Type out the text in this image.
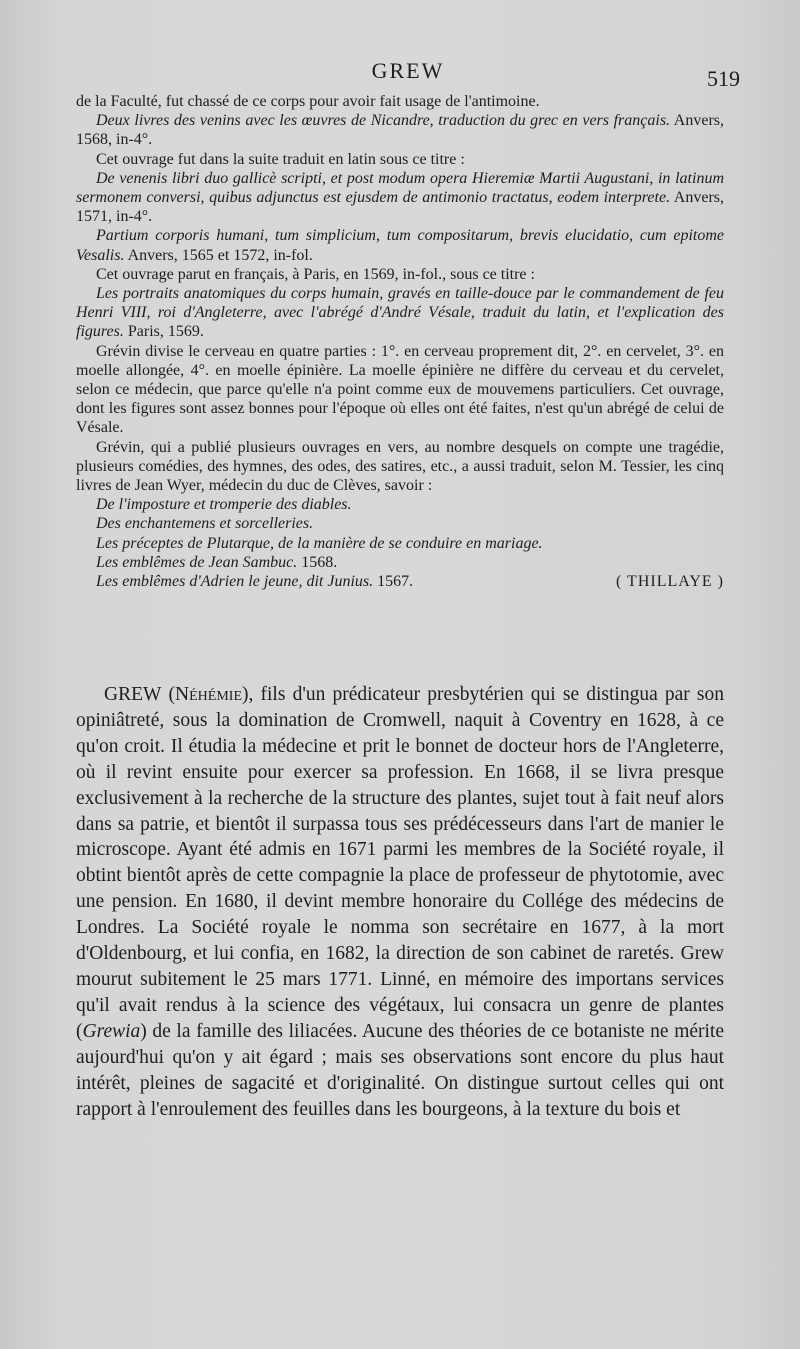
GREW	519

de la Faculté, fut chassé de ce corps pour avoir fait usage de l'antimoine.

Deux livres des venins avec les œuvres de Nicandre, traduction du grec en vers français. Anvers, 1568, in-4°.

Cet ouvrage fut dans la suite traduit en latin sous ce titre :

De venenis libri duo gallicè scripti, et post modum opera Hieremiæ Martii Augustani, in latinum sermonem conversi, quibus adjunctus est ejusdem de antimonio tractatus, eodem interprete. Anvers, 1571, in-4°.

Partium corporis humani, tum simplicium, tum compositarum, brevis elucidatio, cum epitome Vesalis. Anvers, 1565 et 1572, in-fol.

Cet ouvrage parut en français, à Paris, en 1569, in-fol., sous ce titre :

Les portraits anatomiques du corps humain, gravés en taille-douce par le commandement de feu Henri VIII, roi d'Angleterre, avec l'abrégé d'André Vésale, traduit du latin, et l'explication des figures. Paris, 1569.

Grévin divise le cerveau en quatre parties : 1°. en cerveau proprement dit, 2°. en cervelet, 3°. en moelle allongée, 4°. en moelle épinière. La moelle épinière ne diffère du cerveau et du cervelet, selon ce médecin, que parce qu'elle n'a point comme eux de mouvemens particuliers. Cet ouvrage, dont les figures sont assez bonnes pour l'époque où elles ont été faites, n'est qu'un abrégé de celui de Vésale.

Grévin, qui a publié plusieurs ouvrages en vers, au nombre desquels on compte une tragédie, plusieurs comédies, des hymnes, des odes, des satires, etc., a aussi traduit, selon M. Tessier, les cinq livres de Jean Wyer, médecin du duc de Clèves, savoir :

De l'imposture et tromperie des diables.

Des enchantemens et sorcelleries.

Les préceptes de Plutarque, de la manière de se conduire en mariage.

Les emblêmes de Jean Sambuc. 1568.

Les emblêmes d'Adrien le jeune, dit Junius. 1567.	( THILLAYE )

GREW (Néhémie), fils d'un prédicateur presbytérien qui se distingua par son opiniâtreté, sous la domination de Cromwell, naquit à Coventry en 1628, à ce qu'on croit. Il étudia la médecine et prit le bonnet de docteur hors de l'Angleterre, où il revint ensuite pour exercer sa profession. En 1668, il se livra presque exclusivement à la recherche de la structure des plantes, sujet tout à fait neuf alors dans sa patrie, et bientôt il surpassa tous ses prédécesseurs dans l'art de manier le microscope. Ayant été admis en 1671 parmi les membres de la Société royale, il obtint bientôt après de cette compagnie la place de professeur de phytotomie, avec une pension. En 1680, il devint membre honoraire du Collége des médecins de Londres. La Société royale le nomma son secrétaire en 1677, à la mort d'Oldenbourg, et lui confia, en 1682, la direction de son cabinet de raretés. Grew mourut subitement le 25 mars 1771. Linné, en mémoire des importans services qu'il avait rendus à la science des végétaux, lui consacra un genre de plantes (Grewia) de la famille des liliacées. Aucune des théories de ce botaniste ne mérite aujourd'hui qu'on y ait égard ; mais ses observations sont encore du plus haut intérêt, pleines de sagacité et d'originalité. On distingue surtout celles qui ont rapport à l'enroulement des feuilles dans les bourgeons, à la texture du bois et
